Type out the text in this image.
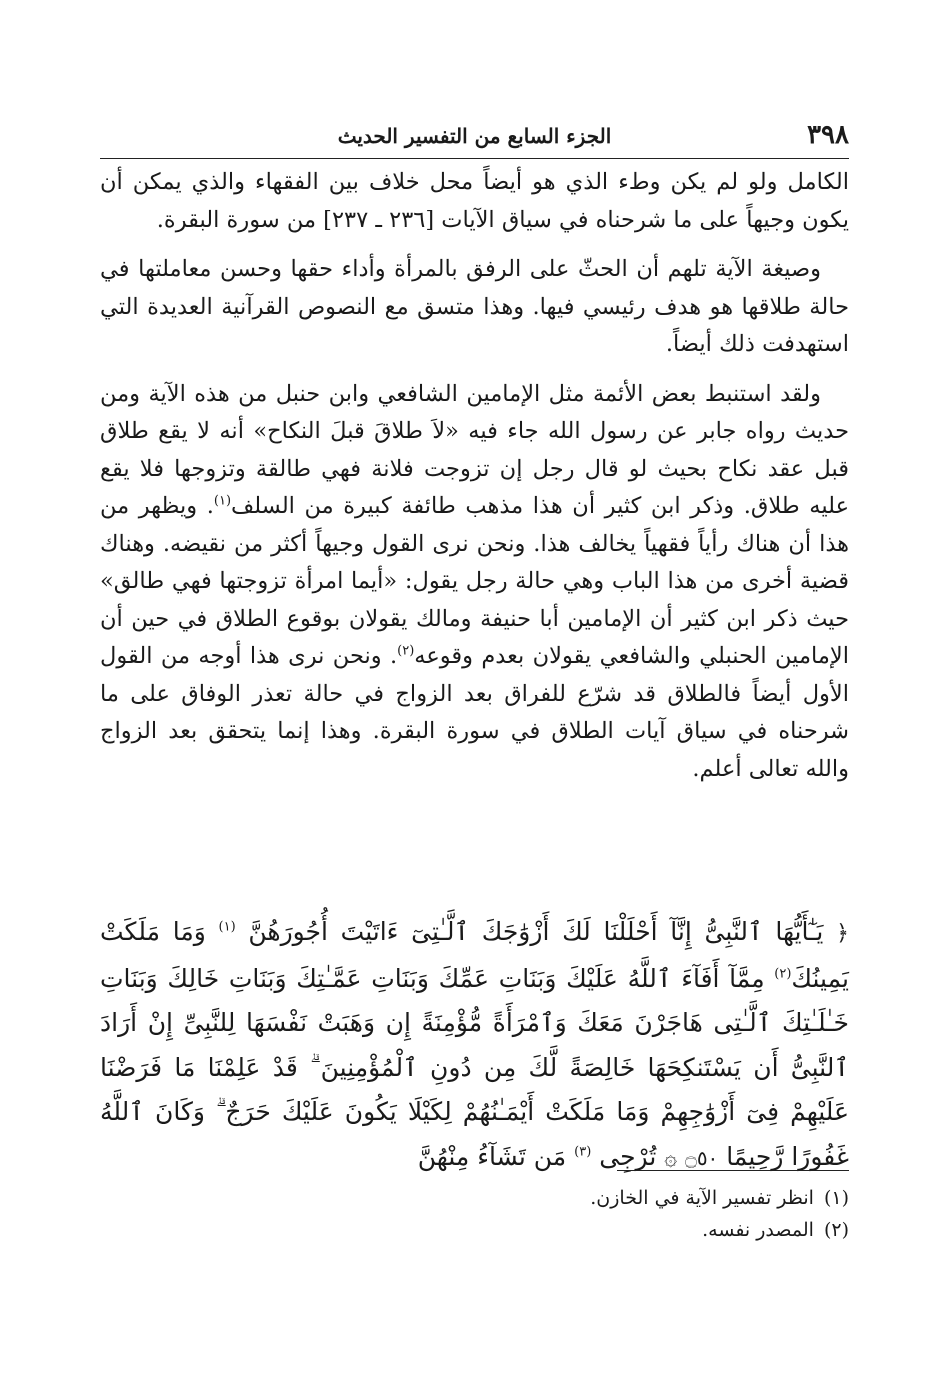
٣٩٨
الجزء السابع من التفسير الحديث

الكامل ولو لم يكن وطء الذي هو أيضاً محل خلاف بين الفقهاء والذي يمكن أن يكون وجيهاً على ما شرحناه في سياق الآيات [٢٣٦ ـ ٢٣٧] من سورة البقرة.

وصيغة الآية تلهم أن الحثّ على الرفق بالمرأة وأداء حقها وحسن معاملتها في حالة طلاقها هو هدف رئيسي فيها. وهذا متسق مع النصوص القرآنية العديدة التي استهدفت ذلك أيضاً.

ولقد استنبط بعض الأئمة مثل الإمامين الشافعي وابن حنبل من هذه الآية ومن حديث رواه جابر عن رسول الله جاء فيه «لاَ طلاقَ قبلَ النكاح» أنه لا يقع طلاق قبل عقد نكاح بحيث لو قال رجل إن تزوجت فلانة فهي طالقة وتزوجها فلا يقع عليه طلاق. وذكر ابن كثير أن هذا مذهب طائفة كبيرة من السلف$^{(١)}$. ويظهر من هذا أن هناك رأياً فقهياً يخالف هذا. ونحن نرى القول وجيهاً أكثر من نقيضه. وهناك قضية أخرى من هذا الباب وهي حالة رجل يقول: «أيما امرأة تزوجتها فهي طالق» حيث ذكر ابن كثير أن الإمامين أبا حنيفة ومالك يقولان بوقوع الطلاق في حين أن الإمامين الحنبلي والشافعي يقولان بعدم وقوعه$^{(٢)}$. ونحن نرى هذا أوجه من القول الأول أيضاً فالطلاق قد شرّع للفراق بعد الزواج في حالة تعذر الوفاق على ما شرحناه في سياق آيات الطلاق في سورة البقرة. وهذا إنما يتحقق بعد الزواج والله تعالى أعلم.

﴿ يَـٰٓأَيُّهَا ٱلنَّبِىُّ إِنَّآ أَحْلَلْنَا لَكَ أَزْوَٰجَكَ ٱلَّـٰتِىٓ ءَاتَيْتَ أُجُورَهُنَّ $^{(١)}$ وَمَا مَلَكَتْ يَمِينُكَ$^{(٢)}$ مِمَّآ أَفَآءَ ٱللَّهُ عَلَيْكَ وَبَنَاتِ عَمِّكَ وَبَنَاتِ عَمَّـٰتِكَ وَبَنَاتِ خَالِكَ وَبَنَاتِ خَـٰلَـٰتِكَ ٱلَّـٰتِى هَاجَرْنَ مَعَكَ وَٱمْرَأَةً مُّؤْمِنَةً إِن وَهَبَتْ نَفْسَهَا لِلنَّبِىِّ إِنْ أَرَادَ ٱلنَّبِىُّ أَن يَسْتَنكِحَهَا خَالِصَةً لَّكَ مِن دُونِ ٱلْمُؤْمِنِينَ ۗ قَدْ عَلِمْنَا مَا فَرَضْنَا عَلَيْهِمْ فِىٓ أَزْوَٰجِهِمْ وَمَا مَلَكَتْ أَيْمَـٰنُهُمْ لِكَيْلَا يَكُونَ عَلَيْكَ حَرَجٌ ۗ وَكَانَ ٱللَّهُ غَفُورًا رَّحِيمًا ۝٥٠ ۞ تُرْجِى $^{(٣)}$ مَن تَشَآءُ مِنْهُنَّ
(١)انظر تفسير الآية في الخازن.
(٢)المصدر نفسه.
